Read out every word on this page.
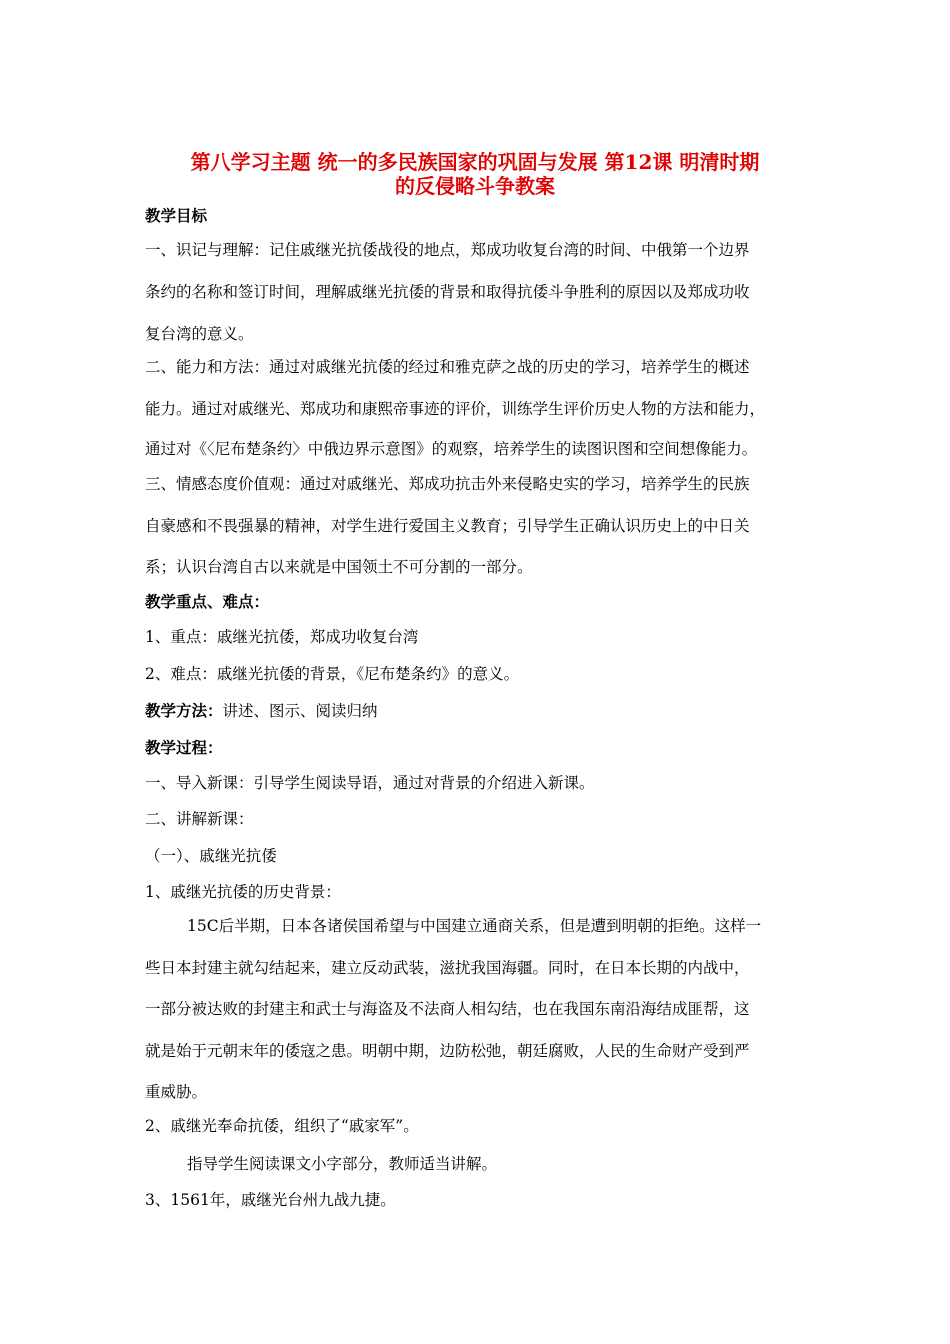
第八学习主题 统一的多民族国家的巩固与发展 第12课 明清时期
的反侵略斗争教案
教学目标
一、识记与理解：记住戚继光抗倭战役的地点，郑成功收复台湾的时间、中俄第一个边界
条约的名称和签订时间，理解戚继光抗倭的背景和取得抗倭斗争胜利的原因以及郑成功收
复台湾的意义。
二、能力和方法：通过对戚继光抗倭的经过和雅克萨之战的历史的学习，培养学生的概述
能力。通过对戚继光、郑成功和康熙帝事迹的评价，训练学生评价历史人物的方法和能力，
通过对《〈尼布楚条约〉中俄边界示意图》的观察，培养学生的读图识图和空间想像能力。
三、情感态度价值观：通过对戚继光、郑成功抗击外来侵略史实的学习，培养学生的民族
自豪感和不畏强暴的精神，对学生进行爱国主义教育；引导学生正确认识历史上的中日关
系；认识台湾自古以来就是中国领土不可分割的一部分。
教学重点、难点：
1、重点：戚继光抗倭，郑成功收复台湾
2、难点：戚继光抗倭的背景，《尼布楚条约》的意义。
教学方法：讲述、图示、阅读归纳
教学过程：
一、导入新课：引导学生阅读导语，通过对背景的介绍进入新课。
二、讲解新课：
（一）、戚继光抗倭
1、戚继光抗倭的历史背景：
15C后半期，日本各诸侯国希望与中国建立通商关系，但是遭到明朝的拒绝。这样一
些日本封建主就勾结起来，建立反动武装，滋扰我国海疆。同时，在日本长期的内战中，
一部分被达败的封建主和武士与海盗及不法商人相勾结，也在我国东南沿海结成匪帮，这
就是始于元朝末年的倭寇之患。明朝中期，边防松弛，朝廷腐败，人民的生命财产受到严
重威胁。
2、戚继光奉命抗倭，组织了“戚家军”。
指导学生阅读课文小字部分，教师适当讲解。
3、1561年，戚继光台州九战九捷。
